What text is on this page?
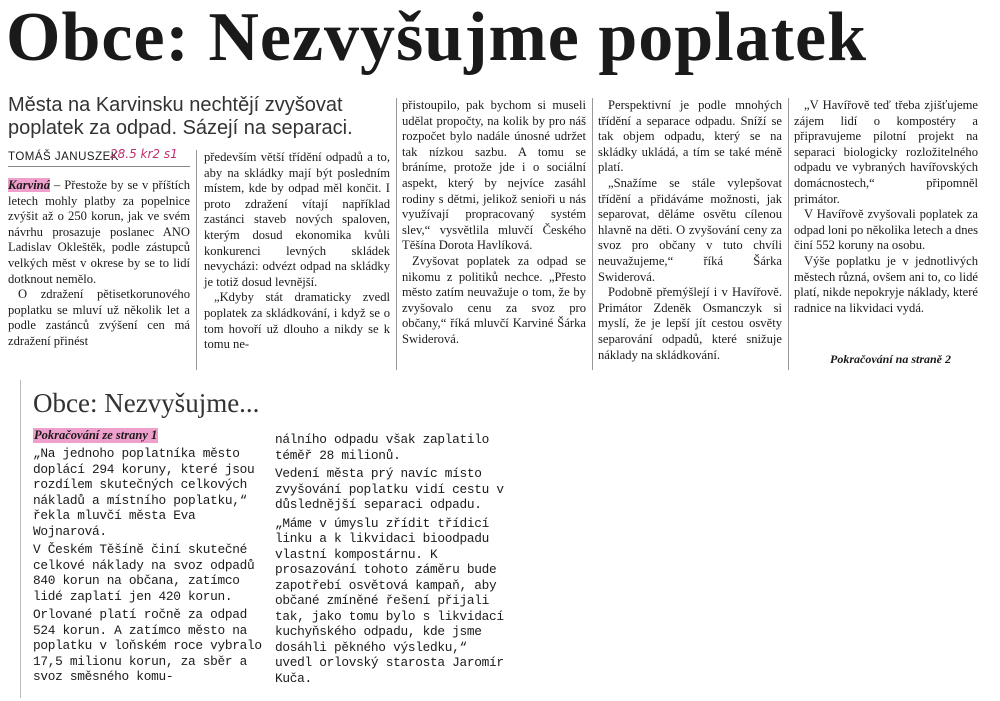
Obce: Nezvyšujme poplatek
Města na Karvinsku nechtějí zvyšovat poplatek za odpad. Sázejí na separaci.
TOMÁŠ JANUSZEK
28.5 kr2 s1

Karviná – Přestože by se v příštích letech mohly platby za popelnice zvýšit až o 250 korun, jak ve svém návrhu prosazuje poslanec ANO Ladislav Okleštěk, podle zástupců velkých měst v okrese by se to lidí dotknout nemělo.

O zdražení pětisetkorunového poplatku se mluví už několik let a podle zastánců zvýšení cen má zdražení přinést

především větší třídění odpadů a to, aby na skládky mají být posledním místem, kde by odpad měl končit. I proto zdražení vítají například zastánci staveb nových spaloven, kterým dosud ekonomika kvůli konkurenci levných skládek nevycházi: odvézt odpad na skládky je totiž dosud levnější.

„Kdyby stát dramaticky zvedl poplatek za skládkování, i když se o tom hovoří už dlouho a nikdy se k tomu ne-

přistoupilo, pak bychom si museli udělat propočty, na kolik by pro náš rozpočet bylo nadále únosné udržet tak nízkou sazbu. A tomu se bráníme, protože jde i o sociální aspekt, který by nejvíce zasáhl rodiny s dětmi, jelikož senioři u nás využívají propracovaný systém slev,“ vysvětlila mluvčí Českého Těšína Dorota Havlíková.

Zvyšovat poplatek za odpad se nikomu z politiků nechce. „Přesto město zatím neuvažuje o tom, že by zvyšovalo cenu za svoz pro občany,“ říká mluvčí Karviné Šárka Swiderová.

Perspektivní je podle mnohých třídění a separace odpadu. Sníží se tak objem odpadu, který se na skládky ukládá, a tím se také méně platí.

„Snažíme se stále vylepšovat třídění a přidáváme možnosti, jak separovat, děláme osvětu cílenou hlavně na děti. O zvyšování ceny za svoz pro občany v tuto chvíli neuvažujeme,“ říká Šárka Swiderová.

Podobně přemýšlejí i v Havířově. Primátor Zdeněk Osmanczyk si myslí, že je lepší jít cestou osvěty separování odpadů, které snižuje náklady na skládkování.

„V Havířově teď třeba zjišťujeme zájem lidí o kompostéry a připravujeme pilotní projekt na separaci biologicky rozložitelného odpadu ve vybraných havířovských domácnostech,“ připomněl primátor.

V Havířově zvyšovali poplatek za odpad loni po několika letech a dnes činí 552 koruny na osobu.

Výše poplatku je v jednotlivých městech různá, ovšem ani to, co lidé platí, nikde nepokryje náklady, které radnice na likvidaci vydá.

Pokračování na straně 2
Obce: Nezvyšujme...
Pokračování ze strany 1

„Na jednoho poplatníka město doplácí 294 koruny, které jsou rozdílem skutečných celkových nákladů a místního poplatku,“ řekla mluvčí města Eva Wojnarová.

V Českém Těšíně činí skutečné celkové náklady na svoz odpadů 840 korun na občana, zatímco lidé zaplatí jen 420 korun.

Orlované platí ročně za odpad 524 korun. A zatímco město na poplatku v loňském roce vybralo 17,5 milionu korun, za sběr a svoz směsného komu-

nálního odpadu však zaplatilo téměř 28 milionů.

Vedení města prý navíc místo zvyšování poplatku vidí cestu v důslednější separaci odpadu.

„Máme v úmyslu zřídit třídicí linku a k likvidaci bioodpadu vlastní kompostárnu. K prosazování tohoto záměru bude zapotřebí osvětová kampaň, aby občané zmíněné řešení přijali tak, jako tomu bylo s likvidací kuchyňského odpadu, kde jsme dosáhli pěkného výsledku,“ uvedl orlovský starosta Jaromír Kuča.
